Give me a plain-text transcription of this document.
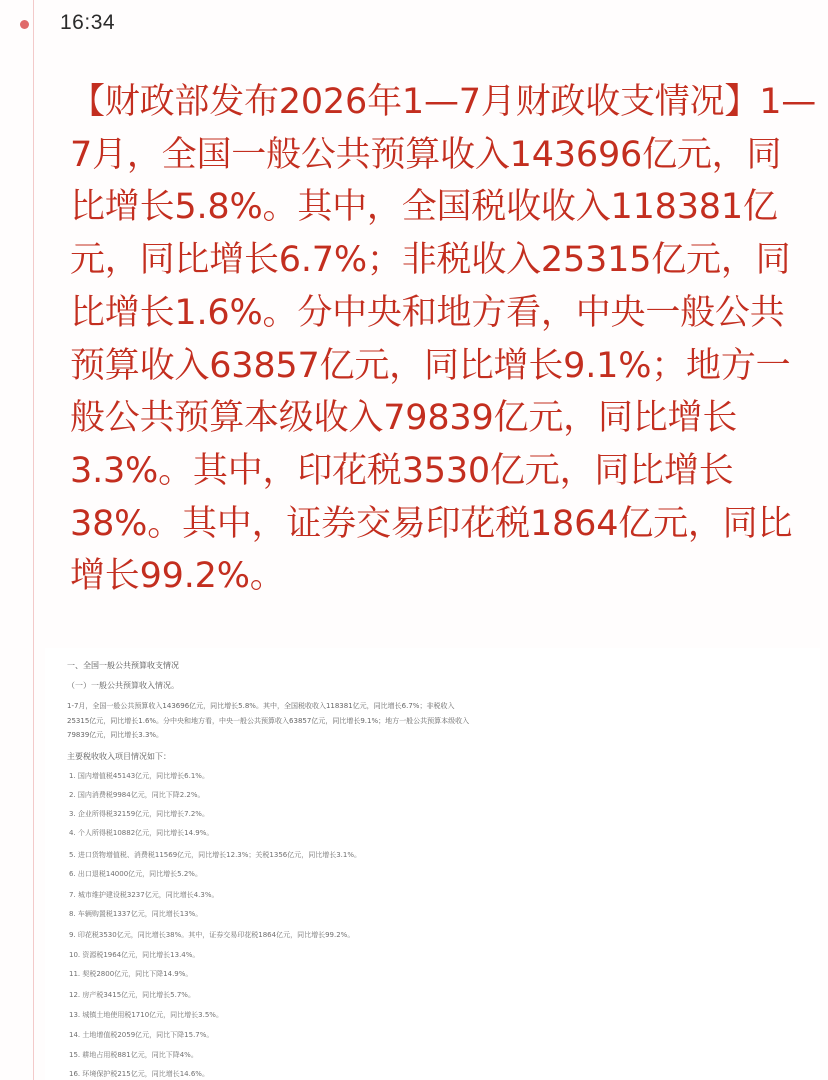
16:34

【财政部发布2026年1—7月财政收支情况】1—
7月，全国一般公共预算收入143696亿元，同
比增长5.8%。其中，全国税收收入118381亿
元，同比增长6.7%；非税收入25315亿元，同
比增长1.6%。分中央和地方看，中央一般公共
预算收入63857亿元，同比增长9.1%；地方一
般公共预算本级收入79839亿元，同比增长
3.3%。其中，印花税3530亿元，同比增长
38%。其中，证券交易印花税1864亿元，同比
增长99.2%。

一、全国一般公共预算收支情况
（一）一般公共预算收入情况。

1-7月，全国一般公共预算收入143696亿元，同比增长5.8%。其中，全国税收收入118381亿元，同比增长6.7%；非税收入
25315亿元，同比增长1.6%。分中央和地方看，中央一般公共预算收入63857亿元，同比增长9.1%；地方一般公共预算本级收入
79839亿元，同比增长3.3%。

主要税收收入项目情况如下：
1. 国内增值税45143亿元，同比增长6.1%。
2. 国内消费税9984亿元，同比下降2.2%。
3. 企业所得税32159亿元，同比增长7.2%。
4. 个人所得税10882亿元，同比增长14.9%。
5. 进口货物增值税、消费税11569亿元，同比增长12.3%；关税1356亿元，同比增长3.1%。
6. 出口退税14000亿元，同比增长5.2%。
7. 城市维护建设税3237亿元，同比增长4.3%。
8. 车辆购置税1337亿元，同比增长13%。
9. 印花税3530亿元，同比增长38%。其中，证券交易印花税1864亿元，同比增长99.2%。
10. 资源税1964亿元，同比增长13.4%。
11. 契税2800亿元，同比下降14.9%。
12. 房产税3415亿元，同比增长5.7%。
13. 城镇土地使用税1710亿元，同比增长3.5%。
14. 土地增值税2059亿元，同比下降15.7%。
15. 耕地占用税881亿元，同比下降4%。
16. 环境保护税215亿元，同比增长14.6%。
